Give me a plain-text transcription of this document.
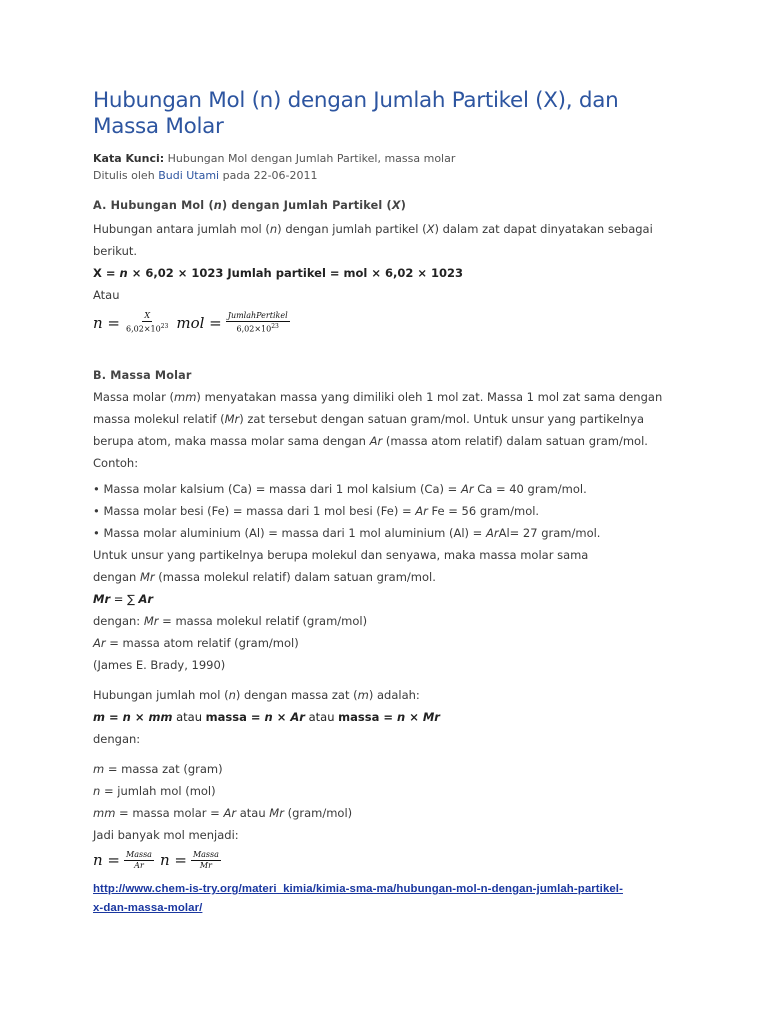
Hubungan Mol (n) dengan Jumlah Partikel (X), dan Massa Molar
Kata Kunci: Hubungan Mol dengan Jumlah Partikel, massa molar
Ditulis oleh Budi Utami pada 22-06-2011
A. Hubungan Mol (n) dengan Jumlah Partikel (X)

Hubungan antara jumlah mol (n) dengan jumlah partikel (X) dalam zat dapat dinyatakan sebagai
berikut.

X = n × 6,02 × 1023 Jumlah partikel = mol × 6,02 × 1023

Atau

$n = \frac{X}{6,02\times 10^{23}}$ mol = $\frac{\text{JumlahPertikel}}{6,02\times 10^{23}}$
B. Massa Molar

Massa molar (mm) menyatakan massa yang dimiliki oleh 1 mol zat. Massa 1 mol zat sama dengan
massa molekul relatif (Mr) zat tersebut dengan satuan gram/mol. Untuk unsur yang partikelnya
berupa atom, maka massa molar sama dengan Ar (massa atom relatif) dalam satuan gram/mol.
Contoh:

• Massa molar kalsium (Ca) = massa dari 1 mol kalsium (Ca) = Ar Ca = 40 gram/mol.
• Massa molar besi (Fe) = massa dari 1 mol besi (Fe) = Ar Fe = 56 gram/mol.
• Massa molar aluminium (Al) = massa dari 1 mol aluminium (Al) = ArAl= 27 gram/mol.

Untuk unsur yang partikelnya berupa molekul dan senyawa, maka massa molar sama
dengan Mr (massa molekul relatif) dalam satuan gram/mol.

Mr = ∑ Ar

dengan: Mr = massa molekul relatif (gram/mol)
Ar = massa atom relatif (gram/mol)
(James E. Brady, 1990)

Hubungan jumlah mol (n) dengan massa zat (m) adalah:

m = n × mm atau massa = n × Ar atau massa = n × Mr

dengan:

m = massa zat (gram)
n = jumlah mol (mol)
mm = massa molar = Ar atau Mr (gram/mol)
Jadi banyak mol menjadi:

$n = \frac{\text{Massa}}{Ar}$ $n = \frac{\text{Massa}}{Mr}$
http://www.chem-is-try.org/materi_kimia/kimia-sma-ma/hubungan-mol-n-dengan-jumlah-partikel-
x-dan-massa-molar/
